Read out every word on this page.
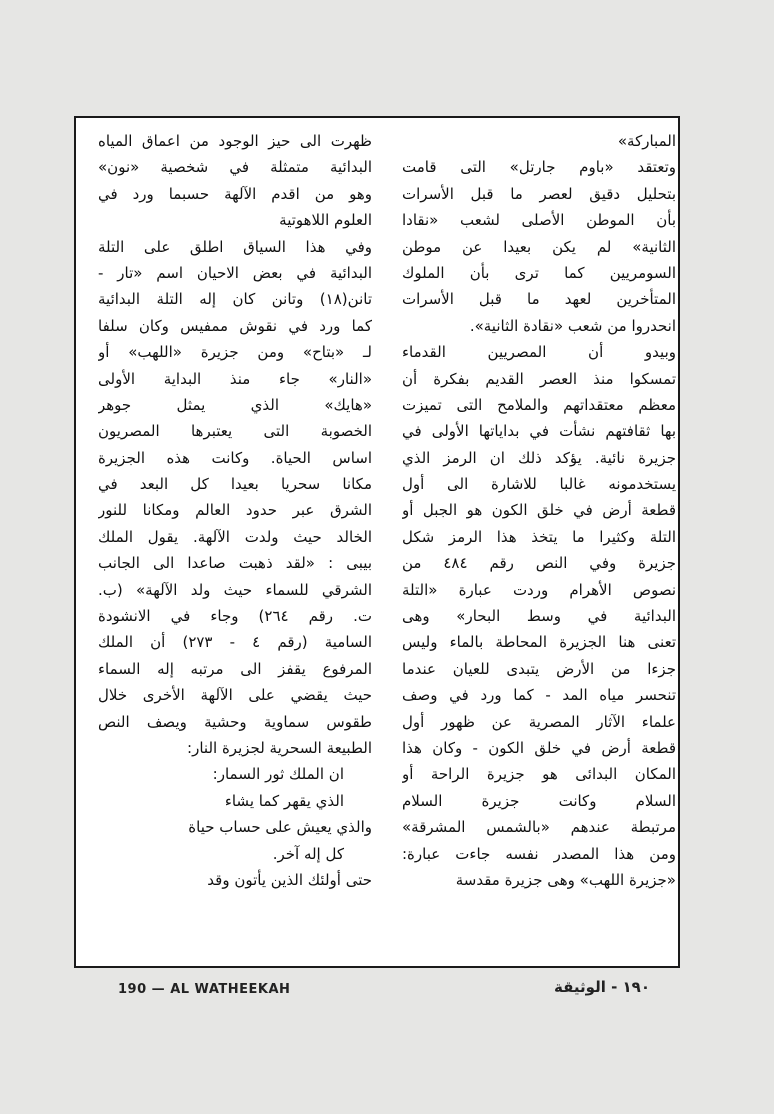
المباركة»
وتعتقد «باوم جارتل» التى قامت
بتحليل دقيق لعصر ما قبل الأسرات
بأن الموطن الأصلى لشعب «نقادا
الثانية» لم يكن بعيدا عن موطن
السومريين كما ترى بأن الملوك
المتأخرين لعهد ما قبل الأسرات
انحدروا من شعب «نقادة الثانية».
وبيدو أن المصريين القدماء
تمسكوا منذ العصر القديم بفكرة أن
معظم معتقداتهم والملامح التى تميزت
بها ثقافتهم نشأت في بداياتها الأولى في
جزيرة نائية. يؤكد ذلك ان الرمز الذي
يستخدمونه غالبا للاشارة الى أول
قطعة أرض في خلق الكون هو الجبل أو
التلة وكثيرا ما يتخذ هذا الرمز شكل
جزيرة وفي النص رقم ٤٨٤ من
نصوص الأهرام وردت عبارة «التلة
البدائية في وسط البحار» وهى
تعنى هنا الجزيرة المحاطة بالماء وليس
جزءا من الأرض يتبدى للعيان عندما
تنحسر مياه المد - كما ورد في وصف
علماء الآثار المصرية عن ظهور أول
قطعة أرض في خلق الكون - وكان هذا
المكان البدائى هو جزيرة الراحة أو
السلام وكانت جزيرة السلام
مرتبطة عندهم «بالشمس المشرقة»
ومن هذا المصدر نفسه جاءت عبارة:
«جزيرة اللهب» وهى جزيرة مقدسة
ظهرت الى حيز الوجود من اعماق المياه
البدائية متمثلة في شخصية «نون»
وهو من اقدم الآلهة حسبما ورد في
العلوم اللاهوتية
وفي هذا السياق اطلق على التلة
البدائية في بعض الاحيان اسم «تار -
تانن(١٨) وتانن كان إله التلة البدائية
كما ورد في نقوش ممفيس وكان سلفا
لـ «بتاح» ومن جزيرة «اللهب» أو
«النار» جاء منذ البداية الأولى
«هايك» الذي يمثل جوهر
الخصوبة التى يعتبرها المصريون
اساس الحياة. وكانت هذه الجزيرة
مكانا سحريا بعيدا كل البعد في
الشرق عبر حدود العالم ومكانا للنور
الخالد حيث ولدت الآلهة. يقول الملك
بيبى : «لقد ذهبت صاعدا الى الجانب
الشرقي للسماء حيث ولد الآلهة» (ب.
ت. رقم ٢٦٤) وجاء في الانشودة
السامية (رقم ٤ - ٢٧٣) أن الملك
المرفوع يقفز الى مرتبه إله السماء
حيث يقضي على الآلهة الأخرى خلال
طقوس سماوية وحشية ويصف النص
الطبيعة السحرية لجزيرة النار:
ان الملك ثور السمار:
الذي يقهر كما يشاء
والذي يعيش على حساب حياة
كل إله آخر.
حتى أولئك الذين يأتون وقد
190 — AL WATHEEKAH	١٩٠ - الوثيقة
